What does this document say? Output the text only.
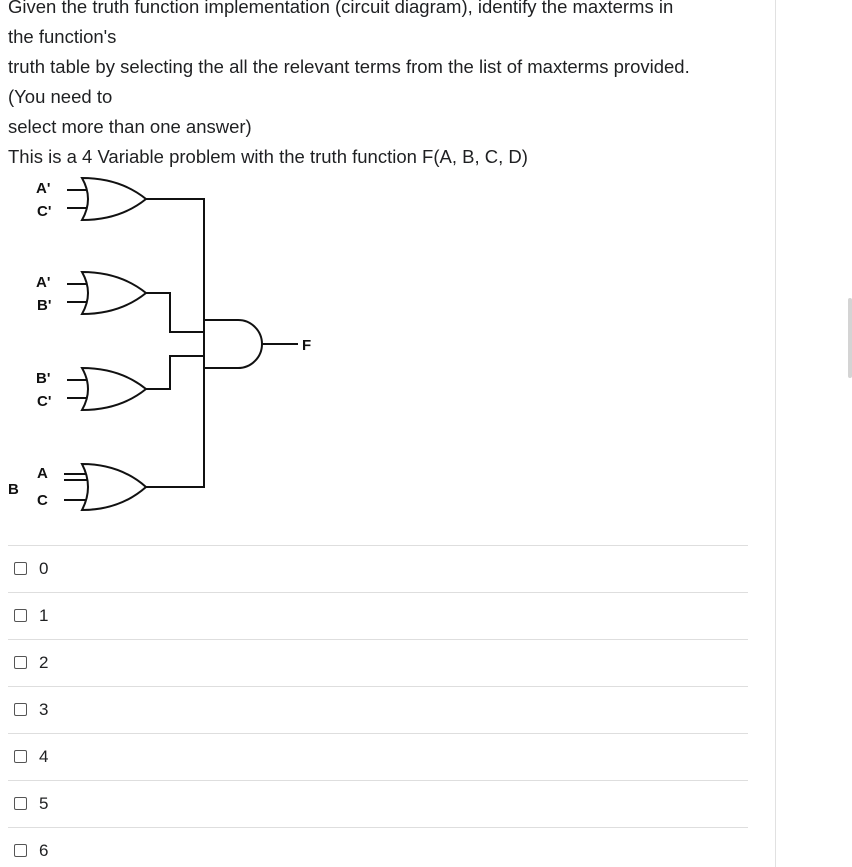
Given the truth function implementation (circuit diagram), identify the maxterms in
the function's
truth table by selecting the all the relevant terms from the list of maxterms provided.
(You need to
select more than one answer)
This is a 4 Variable problem with the truth function F(A, B, C, D)
A'
C'
A'
B'
B'
C'
B
A
C
F
0
1
2
3
4
5
6
